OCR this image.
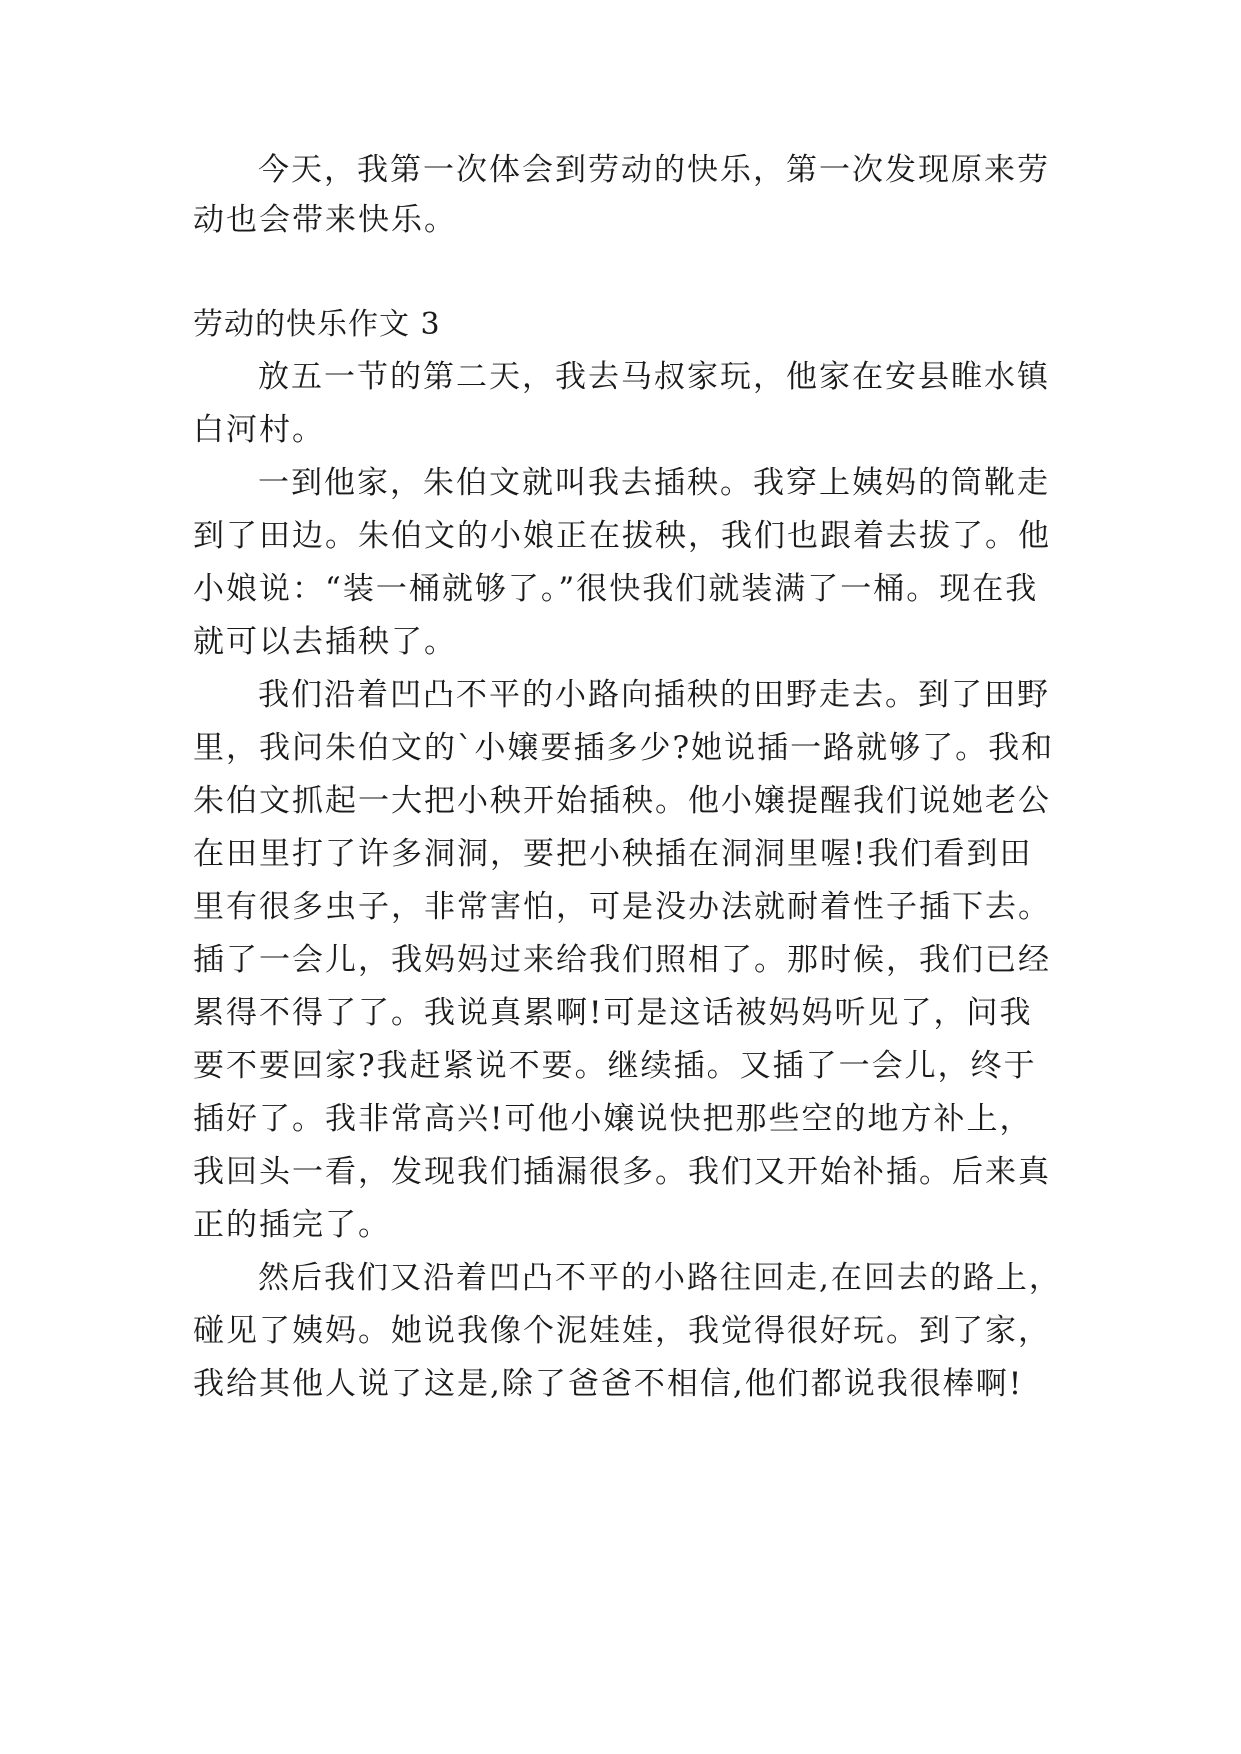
今天，我第一次体会到劳动的快乐，第一次发现原来劳
动也会带来快乐。
劳动的快乐作文 3
放五一节的第二天，我去马叔家玩，他家在安县睢水镇
白河村。
一到他家，朱伯文就叫我去插秧。我穿上姨妈的筒靴走
到了田边。朱伯文的小娘正在拔秧，我们也跟着去拔了。他
小娘说：“装一桶就够了。”很快我们就装满了一桶。现在我
就可以去插秧了。
我们沿着凹凸不平的小路向插秧的田野走去。到了田野
里，我问朱伯文的`小嬢要插多少?她说插一路就够了。我和
朱伯文抓起一大把小秧开始插秧。他小嬢提醒我们说她老公
在田里打了许多洞洞，要把小秧插在洞洞里喔!我们看到田
里有很多虫子，非常害怕，可是没办法就耐着性子插下去。
插了一会儿，我妈妈过来给我们照相了。那时候，我们已经
累得不得了了。我说真累啊!可是这话被妈妈听见了，问我
要不要回家?我赶紧说不要。继续插。又插了一会儿，终于
插好了。我非常高兴!可他小嬢说快把那些空的地方补上，
我回头一看，发现我们插漏很多。我们又开始补插。后来真
正的插完了。
然后我们又沿着凹凸不平的小路往回走,在回去的路上，
碰见了姨妈。她说我像个泥娃娃，我觉得很好玩。到了家，
我给其他人说了这是,除了爸爸不相信,他们都说我很棒啊!
